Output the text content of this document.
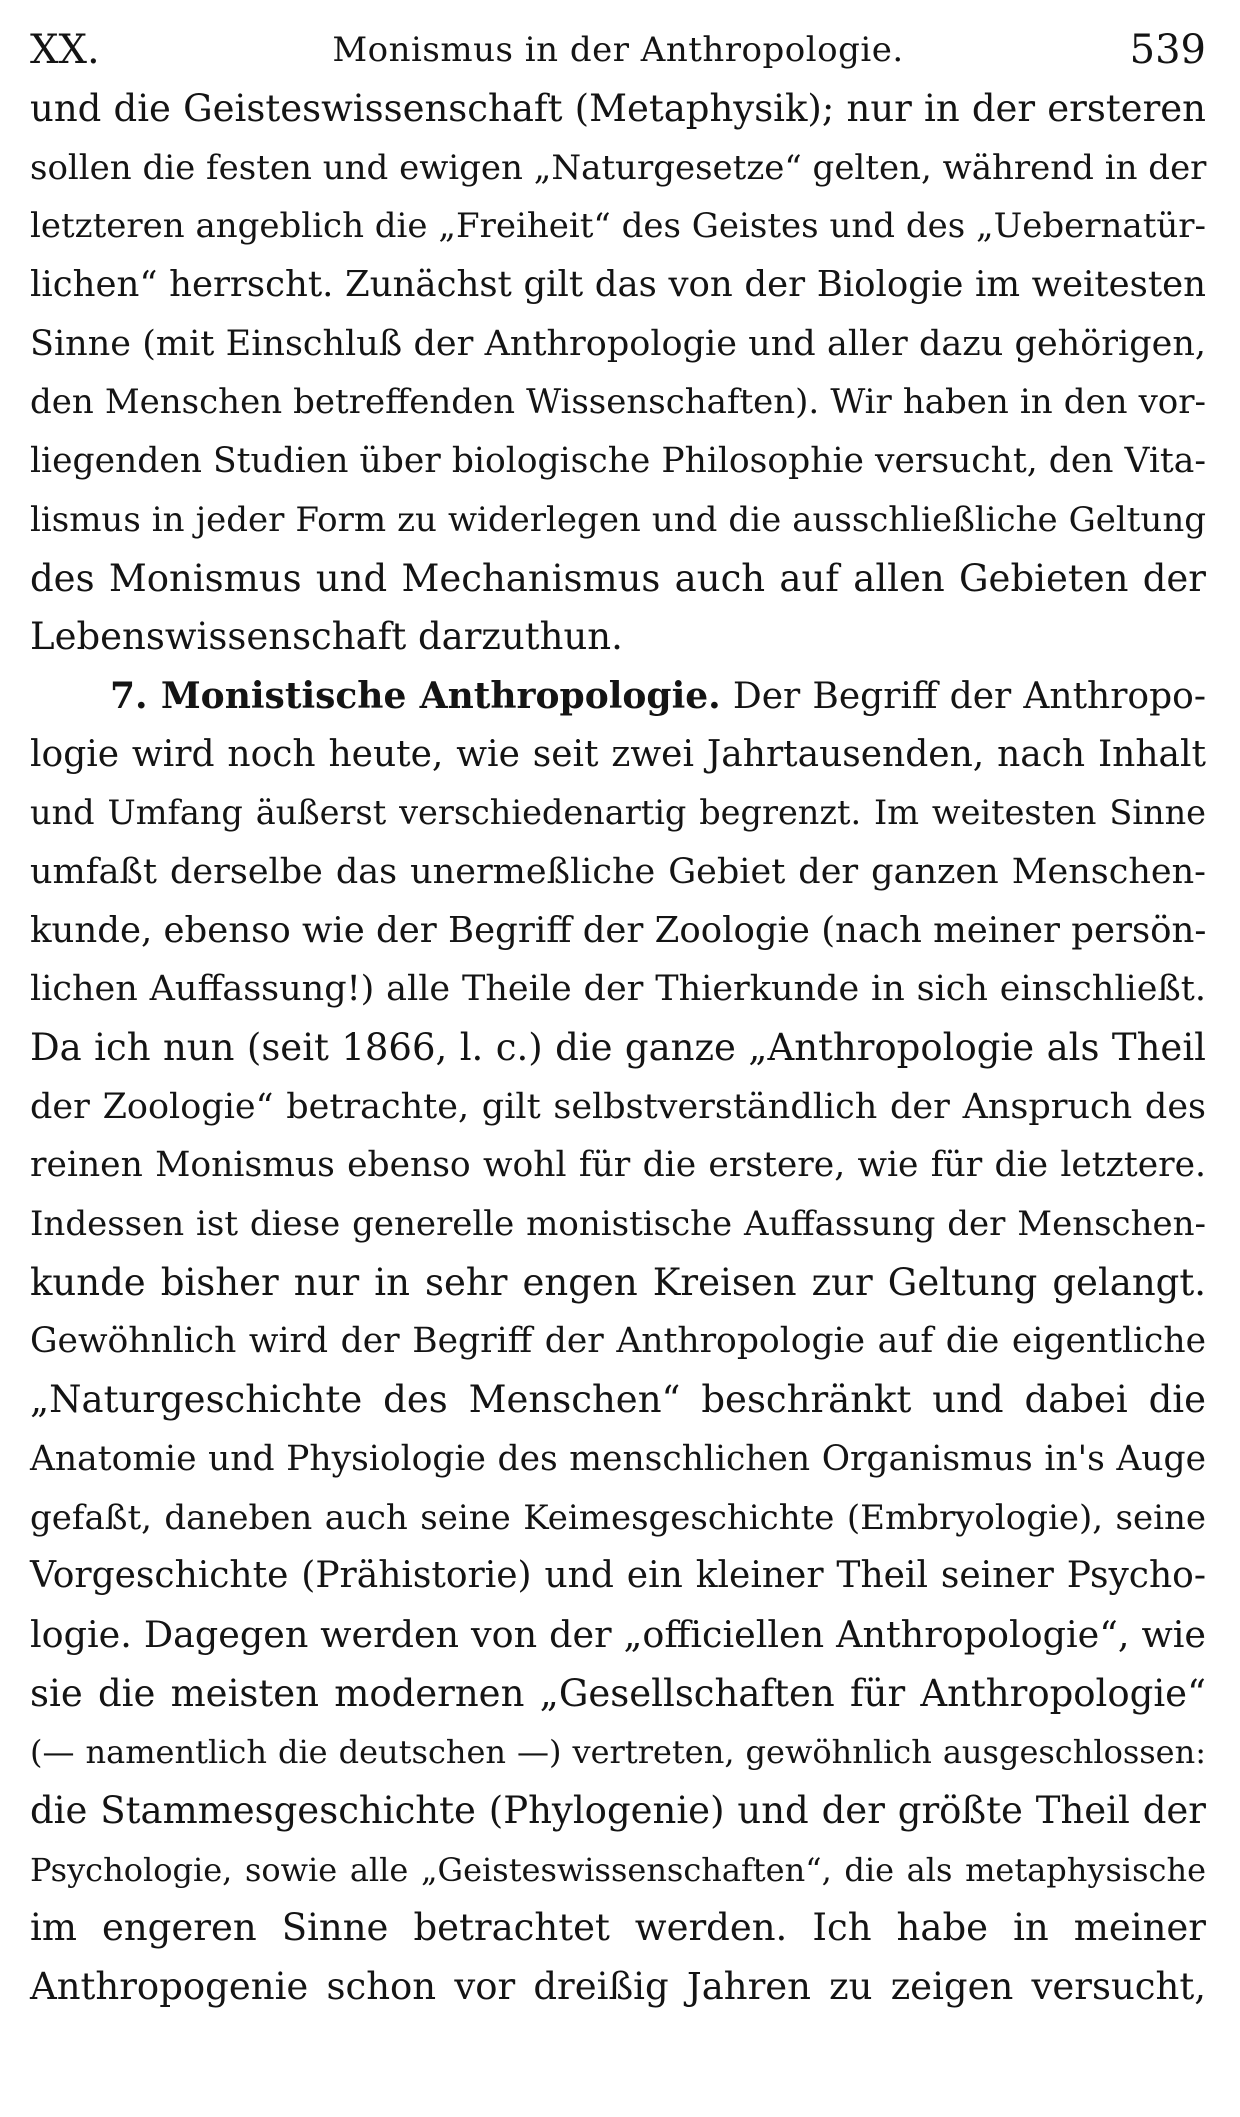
XX.	Monismus in der Anthropologie.	539
und die Geisteswissenschaft (Metaphysik); nur in der ersteren
sollen die festen und ewigen „Naturgesetze“ gelten, während in der
letzteren angeblich die „Freiheit“ des Geistes und des „Uebernatür-
lichen“ herrscht. Zunächst gilt das von der Biologie im weitesten
Sinne (mit Einschluß der Anthropologie und aller dazu gehörigen,
den Menschen betreffenden Wissenschaften). Wir haben in den vor-
liegenden Studien über biologische Philosophie versucht, den Vita-
lismus in jeder Form zu widerlegen und die ausschließliche Geltung
des Monismus und Mechanismus auch auf allen Gebieten der
Lebenswissenschaft darzuthun.
7. Monistische Anthropologie. Der Begriff der Anthropo-
logie wird noch heute, wie seit zwei Jahrtausenden, nach Inhalt
und Umfang äußerst verschiedenartig begrenzt. Im weitesten Sinne
umfaßt derselbe das unermeßliche Gebiet der ganzen Menschen-
kunde, ebenso wie der Begriff der Zoologie (nach meiner persön-
lichen Auffassung!) alle Theile der Thierkunde in sich einschließt.
Da ich nun (seit 1866, l. c.) die ganze „Anthropologie als Theil
der Zoologie“ betrachte, gilt selbstverständlich der Anspruch des
reinen Monismus ebenso wohl für die erstere, wie für die letztere.
Indessen ist diese generelle monistische Auffassung der Menschen-
kunde bisher nur in sehr engen Kreisen zur Geltung gelangt.
Gewöhnlich wird der Begriff der Anthropologie auf die eigentliche
„Naturgeschichte des Menschen“ beschränkt und dabei die
Anatomie und Physiologie des menschlichen Organismus in's Auge
gefaßt, daneben auch seine Keimesgeschichte (Embryologie), seine
Vorgeschichte (Prähistorie) und ein kleiner Theil seiner Psycho-
logie. Dagegen werden von der „officiellen Anthropologie“, wie
sie die meisten modernen „Gesellschaften für Anthropologie“
(— namentlich die deutschen —) vertreten, gewöhnlich ausgeschlossen:
die Stammesgeschichte (Phylogenie) und der größte Theil der
Psychologie, sowie alle „Geisteswissenschaften“, die als metaphysische
im engeren Sinne betrachtet werden. Ich habe in meiner
Anthropogenie schon vor dreißig Jahren zu zeigen versucht,
